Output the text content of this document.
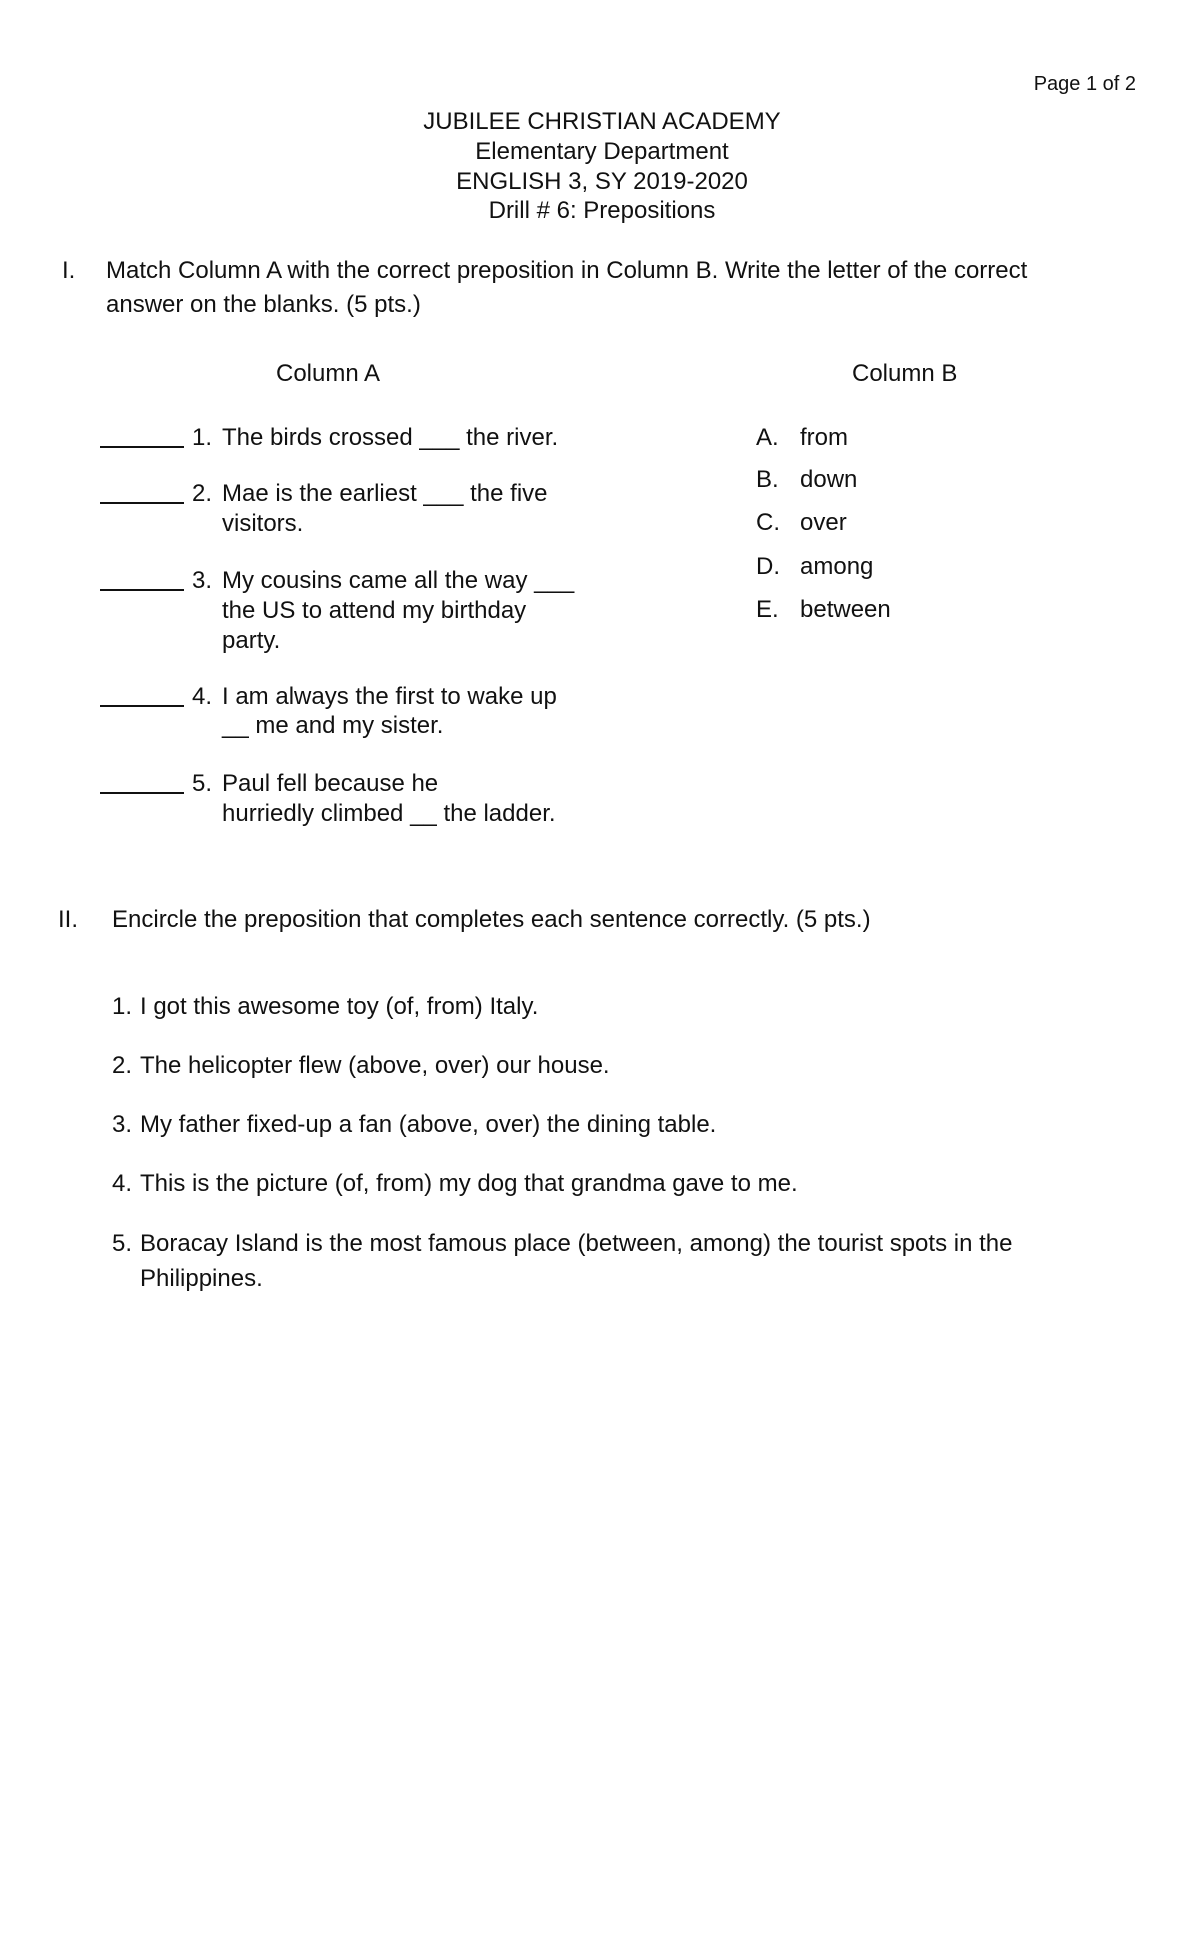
Page 1 of 2
JUBILEE CHRISTIAN ACADEMY
Elementary Department
ENGLISH 3, SY 2019-2020
Drill # 6: Prepositions
I. Match Column A with the correct preposition in Column B. Write the letter of the correct
answer on the blanks. (5 pts.)
Column A	Column B
1. The birds crossed ___ the river.
2. Mae is the earliest ___ the five
visitors.
3. My cousins came all the way ___
the US to attend my birthday
party.
4. I am always the first to wake up
__ me and my sister.
5. Paul fell because he
hurriedly climbed __ the ladder.
A. from
B. down
C. over
D. among
E. between
II. Encircle the preposition that completes each sentence correctly. (5 pts.)
1. I got this awesome toy (of, from) Italy.
2. The helicopter flew (above, over) our house.
3. My father fixed-up a fan (above, over) the dining table.
4. This is the picture (of, from) my dog that grandma gave to me.
5. Boracay Island is the most famous place (between, among) the tourist spots in the
Philippines.
